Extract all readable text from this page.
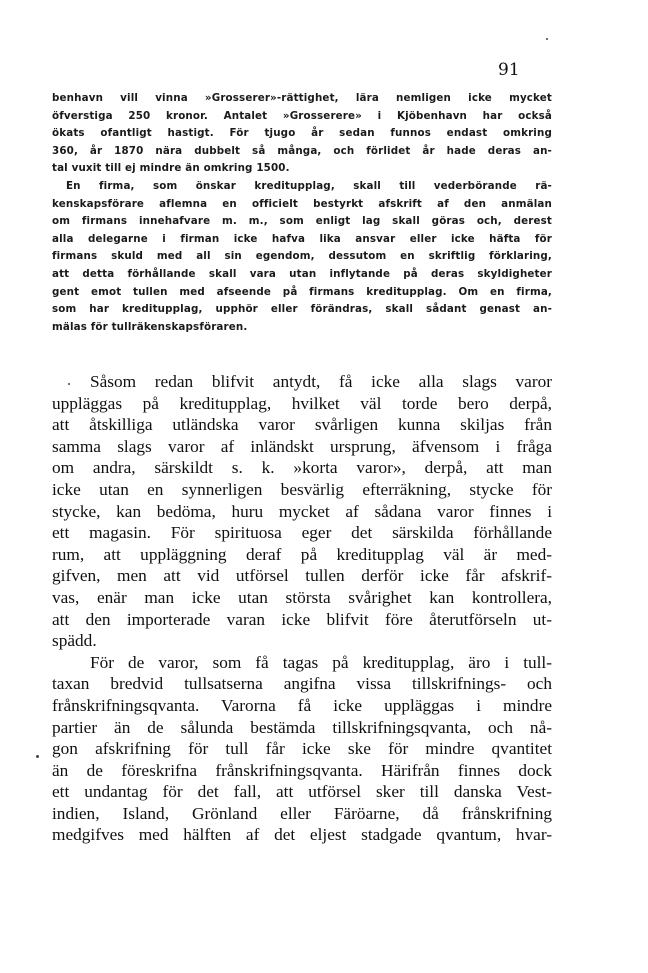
91
benhavn vill vinna »Grosserer»-rättighet, lära nemligen icke mycket
öfverstiga 250 kronor. Antalet »Grosserere» i Kjöbenhavn har också
ökats ofantligt hastigt. För tjugo år sedan funnos endast omkring
360, år 1870 nära dubbelt så många, och förlidet år hade deras an-
tal vuxit till ej mindre än omkring 1500.
En firma, som önskar kreditupplag, skall till vederbörande rä-
kenskapsförare aflemna en officielt bestyrkt afskrift af den anmälan
om firmans innehafvare m. m., som enligt lag skall göras och, derest
alla delegarne i firman icke hafva lika ansvar eller icke häfta för
firmans skuld med all sin egendom, dessutom en skriftlig förklaring,
att detta förhållande skall vara utan inflytande på deras skyldigheter
gent emot tullen med afseende på firmans kreditupplag. Om en firma,
som har kreditupplag, upphör eller förändras, skall sådant genast an-
mälas för tullräkenskapsföraren.
Såsom redan blifvit antydt, få icke alla slags varor
uppläggas på kreditupplag, hvilket väl torde bero derpå,
att åtskilliga utländska varor svårligen kunna skiljas från
samma slags varor af inländskt ursprung, äfvensom i fråga
om andra, särskildt s. k. »korta varor», derpå, att man
icke utan en synnerligen besvärlig efterräkning, stycke för
stycke, kan bedöma, huru mycket af sådana varor finnes i
ett magasin. För spirituosa eger det särskilda förhållande
rum, att uppläggning deraf på kreditupplag väl är med-
gifven, men att vid utförsel tullen derför icke får afskrif-
vas, enär man icke utan största svårighet kan kontrollera,
att den importerade varan icke blifvit före återutförseln ut-
spädd.
För de varor, som få tagas på kreditupplag, äro i tull-
taxan bredvid tullsatserna angifna vissa tillskrifnings- och
frånskrifningsqvanta. Varorna få icke uppläggas i mindre
partier än de sålunda bestämda tillskrifningsqvanta, och nå-
gon afskrifning för tull får icke ske för mindre qvantitet
än de föreskrifna frånskrifningsqvanta. Härifrån finnes dock
ett undantag för det fall, att utförsel sker till danska Vest-
indien, Island, Grönland eller Färöarne, då frånskrifning
medgifves med hälften af det eljest stadgade qvantum, hvar-
